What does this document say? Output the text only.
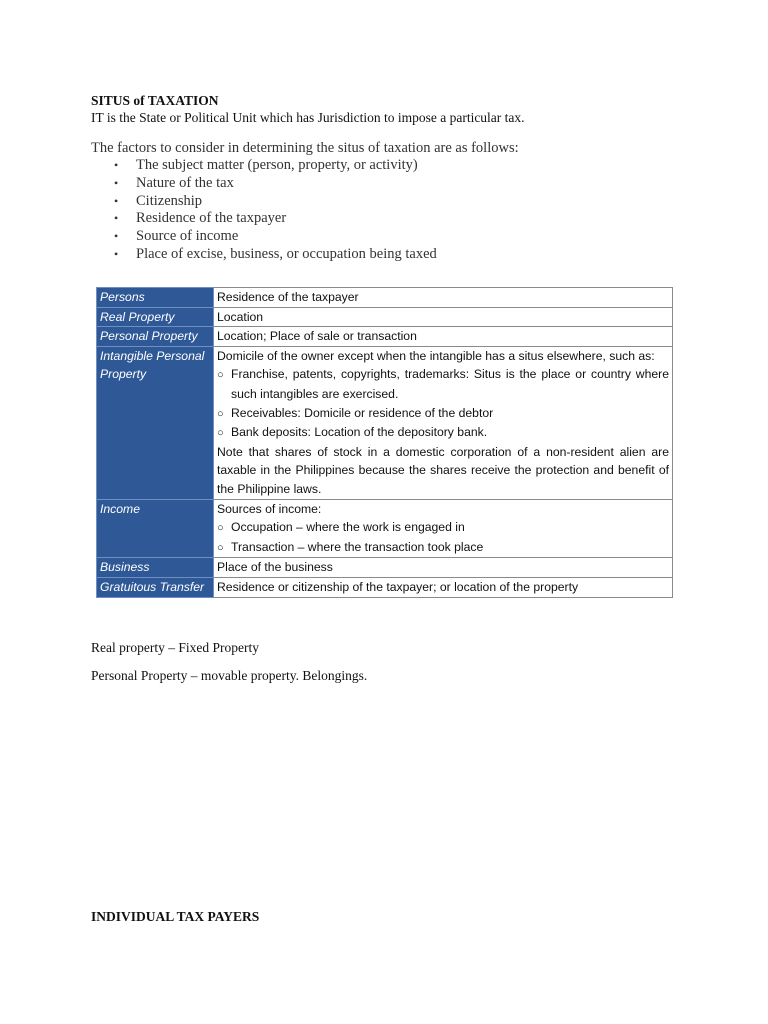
SITUS of TAXATION
IT is the State or Political Unit which has Jurisdiction to impose a particular tax.
The factors to consider in determining the situs of taxation are as follows:
• The subject matter (person, property, or activity)
• Nature of the tax
• Citizenship
• Residence of the taxpayer
• Source of income
• Place of excise, business, or occupation being taxed
Persons	Residence of the taxpayer
Real Property	Location
Personal Property	Location; Place of sale or transaction
Intangible Personal Property	Domicile of the owner except when the intangible has a situs elsewhere, such as:
○ Franchise, patents, copyrights, trademarks: Situs is the place or country where such intangibles are exercised.
○ Receivables: Domicile or residence of the debtor
○ Bank deposits: Location of the depository bank.
Note that shares of stock in a domestic corporation of a non-resident alien are taxable in the Philippines because the shares receive the protection and benefit of the Philippine laws.

Income	Sources of income:
○ Occupation – where the work is engaged in
○ Transaction – where the transaction took place

Business	Place of the business
Gratuitous Transfer	Residence or citizenship of the taxpayer; or location of the property
Real property – Fixed Property
Personal Property – movable property. Belongings.
INDIVIDUAL TAX PAYERS
